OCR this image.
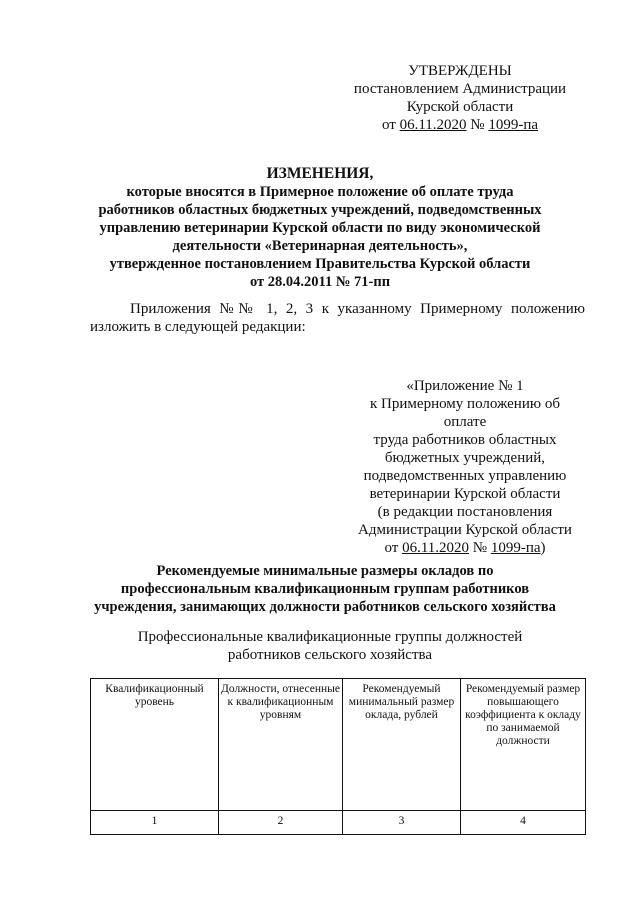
УТВЕРЖДЕНЫ
постановлением Администрации
Курской области
от 06.11.2020 № 1099-па
ИЗМЕНЕНИЯ,
которые вносятся в Примерное положение об оплате труда
работников областных бюджетных учреждений, подведомственных
управлению ветеринарии Курской области по виду экономической
деятельности «Ветеринарная деятельность»,
утвержденное постановлением Правительства Курской области
от 28.04.2011 № 71-пп
Приложения №№ 1, 2, 3 к указанному Примерному положению изложить в следующей редакции:
«Приложение № 1
к Примерному положению об
оплате
труда работников областных
бюджетных учреждений,
подведомственных управлению
ветеринарии Курской области
(в редакции постановления
Администрации Курской области
от 06.11.2020 № 1099-па)
Рекомендуемые минимальные размеры окладов по
профессиональным квалификационным группам работников
учреждения, занимающих должности работников сельского хозяйства
Профессиональные квалификационные группы должностей
работников сельского хозяйства
Квалификационный уровень	Должности, отнесенные к квалификационным уровням	Рекомендуемый минимальный размер оклада, рублей	Рекомендуемый размер повышающего коэффициента к окладу по занимаемой должности
1	2	3	4
